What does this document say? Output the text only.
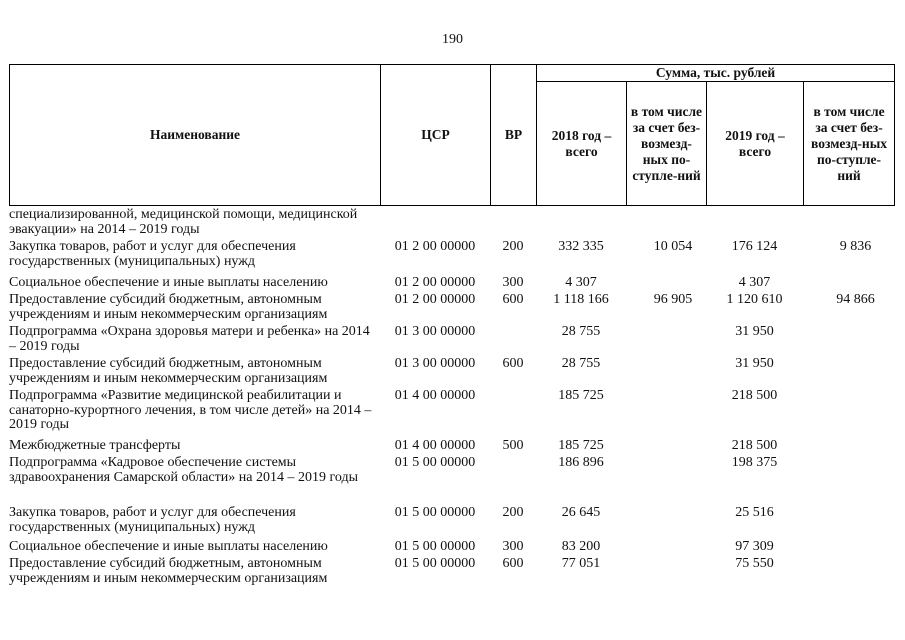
190
Наименование	ЦСР	ВР	Сумма, тыс. рублей			
			2018 год – всего	в том числе за счет без-возмезд-ных по-ступле-ний	2019 год – всего	в том числе за счет без-возмезд-ных по-ступле-ний
специализированной, медицинской помощи, медицинской эвакуации» на 2014 – 2019 годы						
Закупка товаров, работ и услуг для обеспечения государственных (муниципальных) нужд	01 2 00 00000	200	332 335	10 054	176 124	9 836
Социальное обеспечение и иные выплаты населению	01 2 00 00000	300	4 307		4 307	
Предоставление субсидий бюджетным, автономным учреждениям и иным некоммерческим организациям	01 2 00 00000	600	1 118 166	96 905	1 120 610	94 866
Подпрограмма «Охрана здоровья матери и ребенка» на 2014 – 2019 годы	01 3 00 00000		28 755		31 950	
Предоставление субсидий бюджетным, автономным учреждениям и иным некоммерческим организациям	01 3 00 00000	600	28 755		31 950	
Подпрограмма «Развитие медицинской реабилитации и санаторно-курортного лечения, в том числе детей» на 2014 – 2019 годы	01 4 00 00000		185 725		218 500	
Межбюджетные трансферты	01 4 00 00000	500	185 725		218 500	
Подпрограмма «Кадровое обеспечение системы здравоохранения Самарской области» на 2014 – 2019 годы	01 5 00 00000		186 896		198 375	
Закупка товаров, работ и услуг для обеспечения государственных (муниципальных) нужд	01 5 00 00000	200	26 645		25 516	
Социальное обеспечение и иные выплаты населению	01 5 00 00000	300	83 200		97 309	
Предоставление субсидий бюджетным, автономным учреждениям и иным некоммерческим организациям	01 5 00 00000	600	77 051		75 550	
